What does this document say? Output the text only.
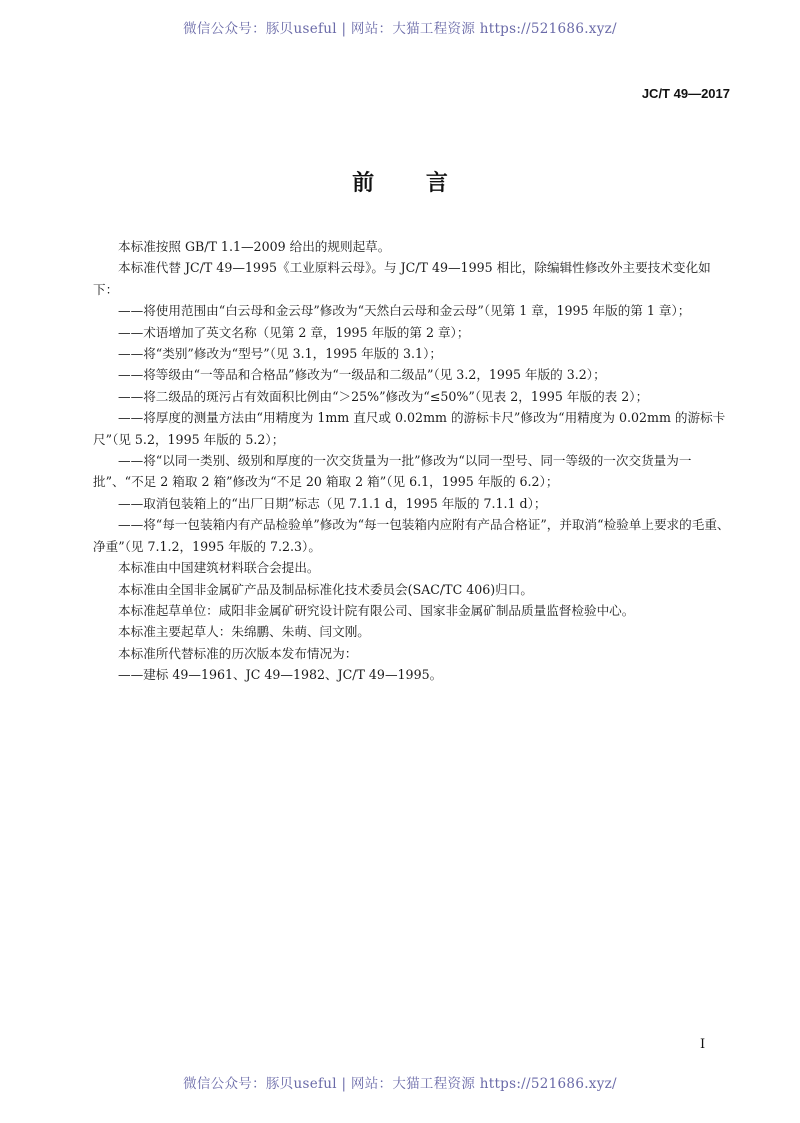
微信公众号：豚贝useful | 网站：大猫工程资源 https://521686.xyz/
JC/T 49—2017
前 言

本标准按照 GB/T 1.1—2009 给出的规则起草。

本标准代替 JC/T 49—1995《工业原料云母》。与 JC/T 49—1995 相比，除编辑性修改外主要技术变化如下：

——将使用范围由“白云母和金云母”修改为“天然白云母和金云母”（见第 1 章，1995 年版的第 1 章）；

——术语增加了英文名称（见第 2 章，1995 年版的第 2 章）；

——将“类别”修改为“型号”（见 3.1，1995 年版的 3.1）；

——将等级由“一等品和合格品”修改为“一级品和二级品”（见 3.2，1995 年版的 3.2）；

——将二级品的斑污占有效面积比例由“＞25%”修改为“≤50%”（见表 2，1995 年版的表 2）；

——将厚度的测量方法由“用精度为 1mm 直尺或 0.02mm 的游标卡尺”修改为“用精度为 0.02mm 的游标卡尺”（见 5.2，1995 年版的 5.2）；

——将“以同一类别、级别和厚度的一次交货量为一批”修改为“以同一型号、同一等级的一次交货量为一批”、“不足 2 箱取 2 箱”修改为“不足 20 箱取 2 箱”（见 6.1，1995 年版的 6.2）；

——取消包装箱上的“出厂日期”标志（见 7.1.1 d，1995 年版的 7.1.1 d）；

——将“每一包装箱内有产品检验单”修改为“每一包装箱内应附有产品合格证”，并取消“检验单上要求的毛重、净重”（见 7.1.2，1995 年版的 7.2.3）。

本标准由中国建筑材料联合会提出。

本标准由全国非金属矿产品及制品标准化技术委员会(SAC/TC 406)归口。

本标准起草单位：咸阳非金属矿研究设计院有限公司、国家非金属矿制品质量监督检验中心。

本标准主要起草人：朱绵鹏、朱萌、闫文刚。

本标准所代替标准的历次版本发布情况为：

——建标 49—1961、JC 49—1982、JC/T 49—1995。

I
微信公众号：豚贝useful | 网站：大猫工程资源 https://521686.xyz/
